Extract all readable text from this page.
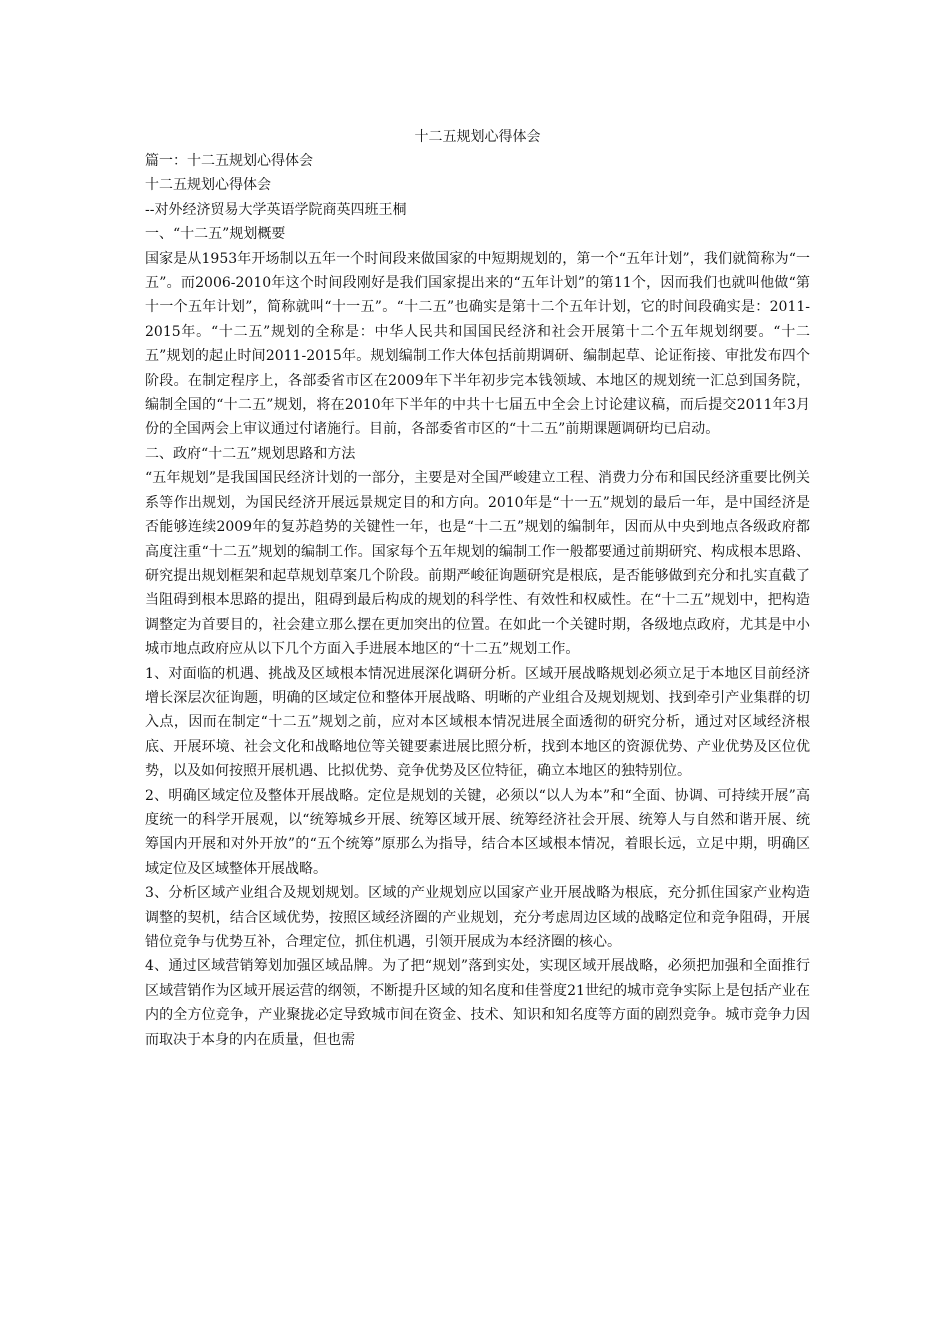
十二五规划心得体会

篇一：十二五规划心得体会

十二五规划心得体会

--对外经济贸易大学英语学院商英四班王桐

一、“十二五”规划概要

国家是从1953年开场制以五年一个时间段来做国家的中短期规划的，第一个“五年计划”，我们就简称为“一五”。而2006-2010年这个时间段刚好是我们国家提出来的“五年计划”的第11个，因而我们也就叫他做“第十一个五年计划”，简称就叫“十一五”。“十二五”也确实是第十二个五年计划，它的时间段确实是：2011-2015年。“十二五”规划的全称是：中华人民共和国国民经济和社会开展第十二个五年规划纲要。“十二五”规划的起止时间2011-2015年。规划编制工作大体包括前期调研、编制起草、论证衔接、审批发布四个阶段。在制定程序上，各部委省市区在2009年下半年初步完本钱领域、本地区的规划统一汇总到国务院，编制全国的“十二五”规划，将在2010年下半年的中共十七届五中全会上讨论建议稿，而后提交2011年3月份的全国两会上审议通过付诸施行。目前，各部委省市区的“十二五”前期课题调研均已启动。

二、政府“十二五”规划思路和方法

“五年规划”是我国国民经济计划的一部分，主要是对全国严峻建立工程、消费力分布和国民经济重要比例关系等作出规划，为国民经济开展远景规定目的和方向。2010年是“十一五”规划的最后一年，是中国经济是否能够连续2009年的复苏趋势的关键性一年，也是“十二五”规划的编制年，因而从中央到地点各级政府都高度注重“十二五”规划的编制工作。国家每个五年规划的编制工作一般都要通过前期研究、构成根本思路、研究提出规划框架和起草规划草案几个阶段。前期严峻征询题研究是根底，是否能够做到充分和扎实直截了当阻碍到根本思路的提出，阻碍到最后构成的规划的科学性、有效性和权威性。在“十二五”规划中，把构造调整定为首要目的，社会建立那么摆在更加突出的位置。在如此一个关键时期，各级地点政府，尤其是中小城市地点政府应从以下几个方面入手进展本地区的“十二五”规划工作。

1、对面临的机遇、挑战及区域根本情况进展深化调研分析。区域开展战略规划必须立足于本地区目前经济增长深层次征询题，明确的区域定位和整体开展战略、明晰的产业组合及规划规划、找到牵引产业集群的切入点，因而在制定“十二五”规划之前，应对本区域根本情况进展全面透彻的研究分析，通过对区域经济根底、开展环境、社会文化和战略地位等关键要素进展比照分析，找到本地区的资源优势、产业优势及区位优势，以及如何按照开展机遇、比拟优势、竞争优势及区位特征，确立本地区的独特别位。

2、明确区域定位及整体开展战略。定位是规划的关键，必须以“以人为本”和“全面、协调、可持续开展”高度统一的科学开展观，以“统筹城乡开展、统筹区域开展、统筹经济社会开展、统筹人与自然和谐开展、统筹国内开展和对外开放”的“五个统筹”原那么为指导，结合本区域根本情况，着眼长远，立足中期，明确区域定位及区域整体开展战略。

3、分析区域产业组合及规划规划。区域的产业规划应以国家产业开展战略为根底，充分抓住国家产业构造调整的契机，结合区域优势，按照区域经济圈的产业规划，充分考虑周边区域的战略定位和竞争阻碍，开展错位竞争与优势互补，合理定位，抓住机遇，引领开展成为本经济圈的核心。

4、通过区域营销筹划加强区域品牌。为了把“规划”落到实处，实现区域开展战略，必须把加强和全面推行区域营销作为区域开展运营的纲领，不断提升区域的知名度和佳誉度21世纪的城市竞争实际上是包括产业在内的全方位竞争，产业聚拢必定导致城市间在资金、技术、知识和知名度等方面的剧烈竞争。城市竞争力因而取决于本身的内在质量，但也需
